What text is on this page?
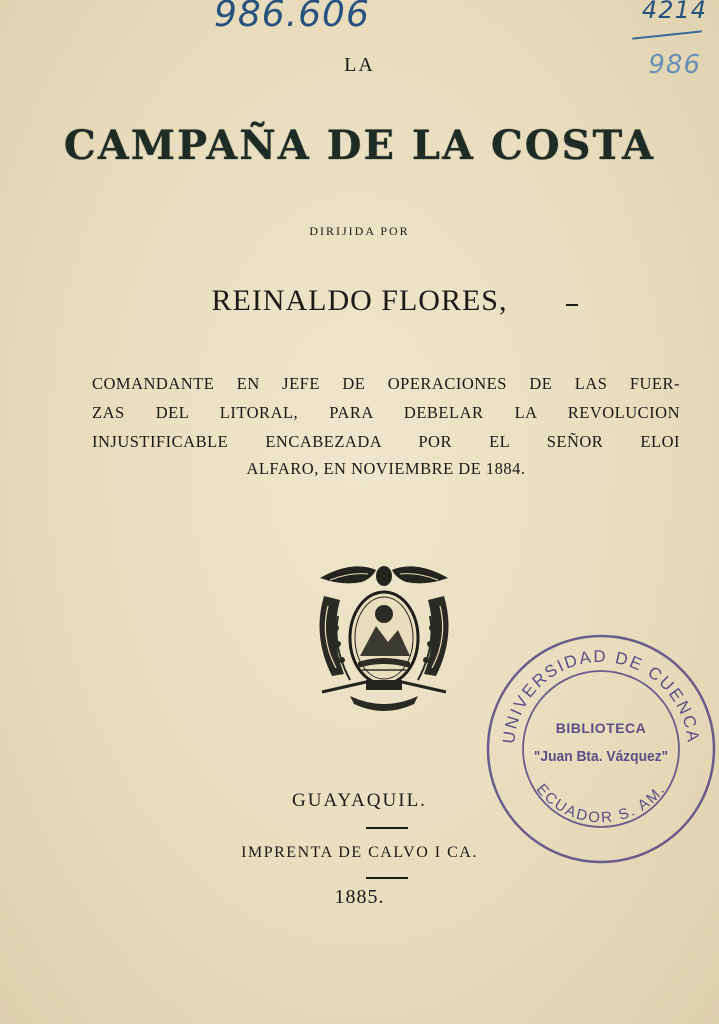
986.606	4214
986
LA
CAMPAÑA DE LA COSTA
DIRIJIDA POR
REINALDO FLORES,
COMANDANTE EN JEFE DE OPERACIONES DE LAS FUER-
ZAS DEL LITORAL, PARA DEBELAR LA REVOLUCION
INJUSTIFICABLE ENCABEZADA POR EL SEÑOR ELOI
ALFARO, EN NOVIEMBRE DE 1884.
GUAYAQUIL.
IMPRENTA DE CALVO I CA.
1885.
UNIVERSIDAD DE CUENCA
ECUADOR S. AM.
BIBLIOTECA
"Juan Bta. Vázquez"
